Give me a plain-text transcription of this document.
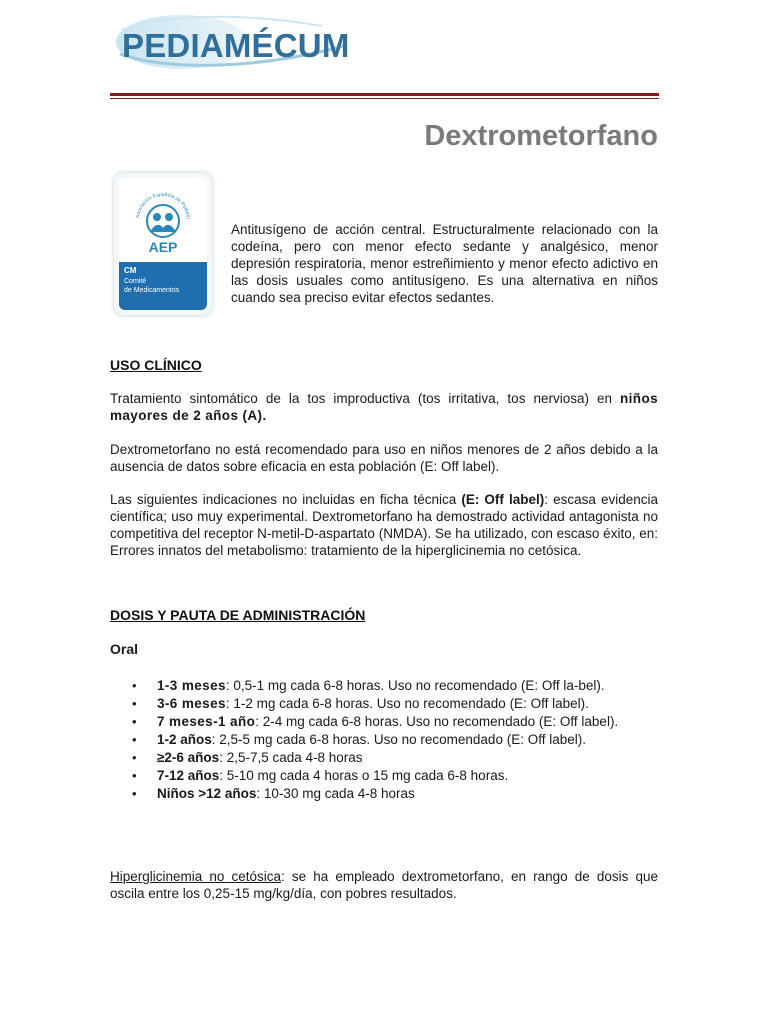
PEDIAMÉCUM
Dextrometorfano
Asociación Española de Pediatrí
AEP
CM
Comité
de Medicamentos
Antitusígeno de acción central. Estructuralmente relacionado con la codeína, pero con menor efecto sedante y analgésico, menor depresión respiratoria, menor estreñimiento y menor efecto adictivo en las dosis usuales como antitusígeno. Es una alternativa en niños cuando sea preciso evitar efectos sedantes.
USO CLÍNICO
Tratamiento sintomático de la tos improductiva (tos irritativa, tos nerviosa) en niños mayores de 2 años (A).
Dextrometorfano no está recomendado para uso en niños menores de 2 años debido a la ausencia de datos sobre eficacia en esta población (E: Off label).
Las siguientes indicaciones no incluidas en ficha técnica (E: Off label): escasa evidencia científica; uso muy experimental. Dextrometorfano ha demostrado actividad antagonista no competitiva del receptor N-metil-D-aspartato (NMDA). Se ha utilizado, con escaso éxito, en: Errores innatos del metabolismo: tratamiento de la hiperglicinemia no cetósica.
DOSIS Y PAUTA DE ADMINISTRACIÓN
Oral
• 1-3 meses: 0,5-1 mg cada 6-8 horas. Uso no recomendado (E: Off la-bel).
• 3-6 meses: 1-2 mg cada 6-8 horas. Uso no recomendado (E: Off label).
• 7 meses-1 año: 2-4 mg cada 6-8 horas. Uso no recomendado (E: Off label).
• 1-2 años: 2,5-5 mg cada 6-8 horas. Uso no recomendado (E: Off label).
• ≥2-6 años: 2,5-7,5 cada 4-8 horas
• 7-12 años: 5-10 mg cada 4 horas o 15 mg cada 6-8 horas.
• Niños >12 años: 10-30 mg cada 4-8 horas
Hiperglicinemia no cetósica: se ha empleado dextrometorfano, en rango de dosis que oscila entre los 0,25-15 mg/kg/día, con pobres resultados.
